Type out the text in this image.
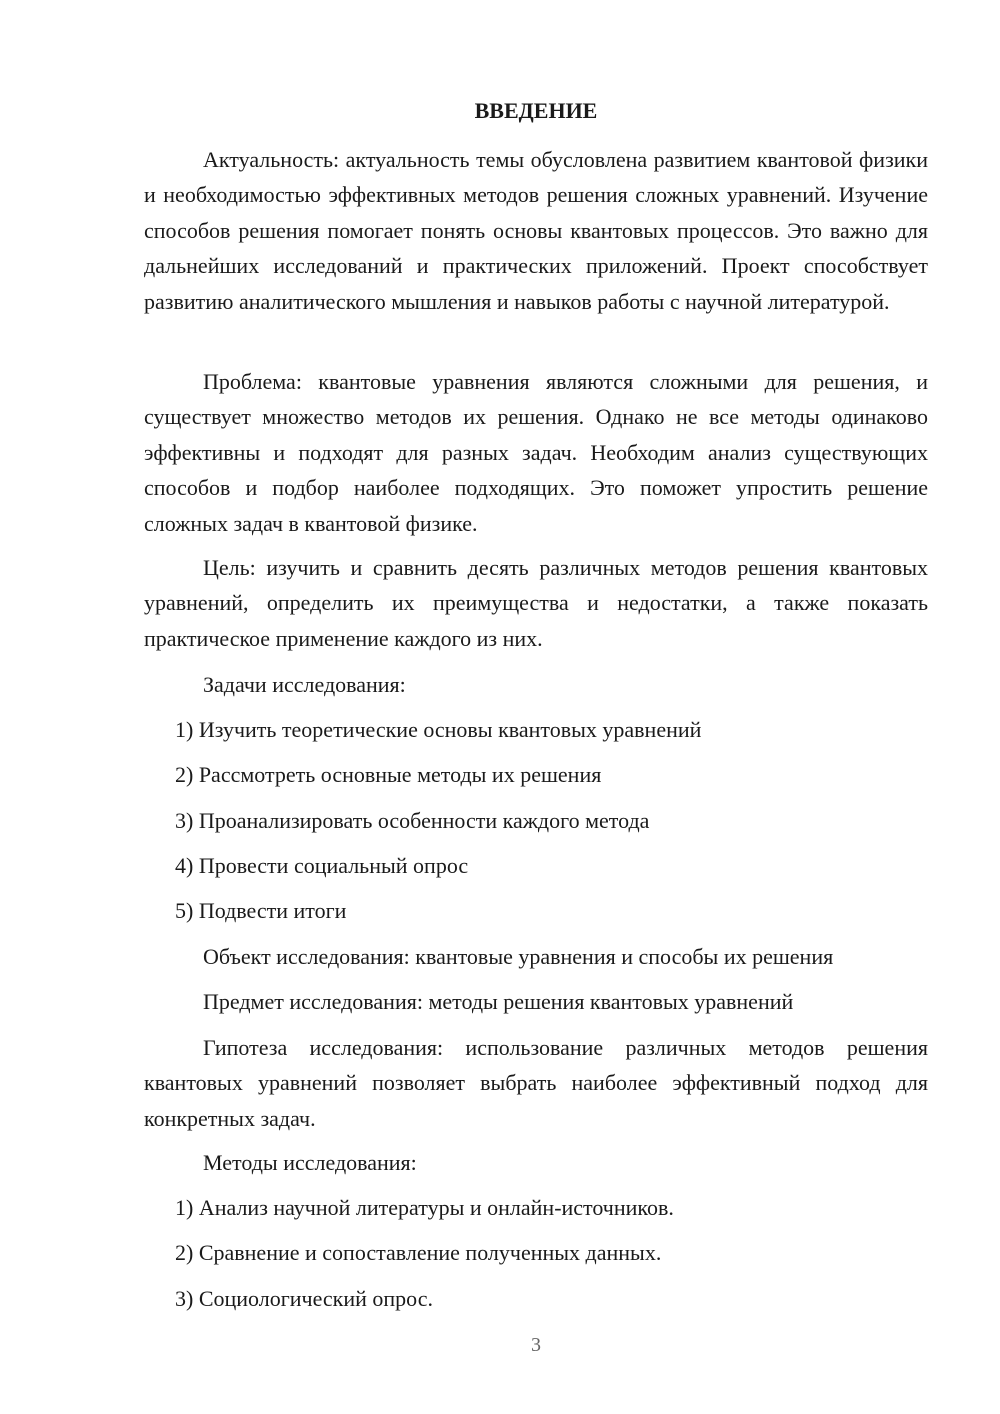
ВВЕДЕНИЕ

Актуальность: актуальность темы обусловлена развитием квантовой физики и необходимостью эффективных методов решения сложных уравнений. Изучение способов решения помогает понять основы квантовых процессов. Это важно для дальнейших исследований и практических приложений. Проект способствует развитию аналитического мышления и навыков работы с научной литературой.

Проблема: квантовые уравнения являются сложными для решения, и существует множество методов их решения. Однако не все методы одинаково эффективны и подходят для разных задач. Необходим анализ существующих способов и подбор наиболее подходящих. Это поможет упростить решение сложных задач в квантовой физике.

Цель: изучить и сравнить десять различных методов решения квантовых уравнений, определить их преимущества и недостатки, а также показать практическое применение каждого из них.

Задачи исследования:

1) Изучить теоретические основы квантовых уравнений

2) Рассмотреть основные методы их решения

3) Проанализировать особенности каждого метода

4) Провести социальный опрос

5) Подвести итоги

Объект исследования: квантовые уравнения и способы их решения

Предмет исследования: методы решения квантовых уравнений

Гипотеза исследования: использование различных методов решения квантовых уравнений позволяет выбрать наиболее эффективный подход для конкретных задач.

Методы исследования:

1) Анализ научной литературы и онлайн-источников.

2) Сравнение и сопоставление полученных данных.

3) Социологический опрос.

3
